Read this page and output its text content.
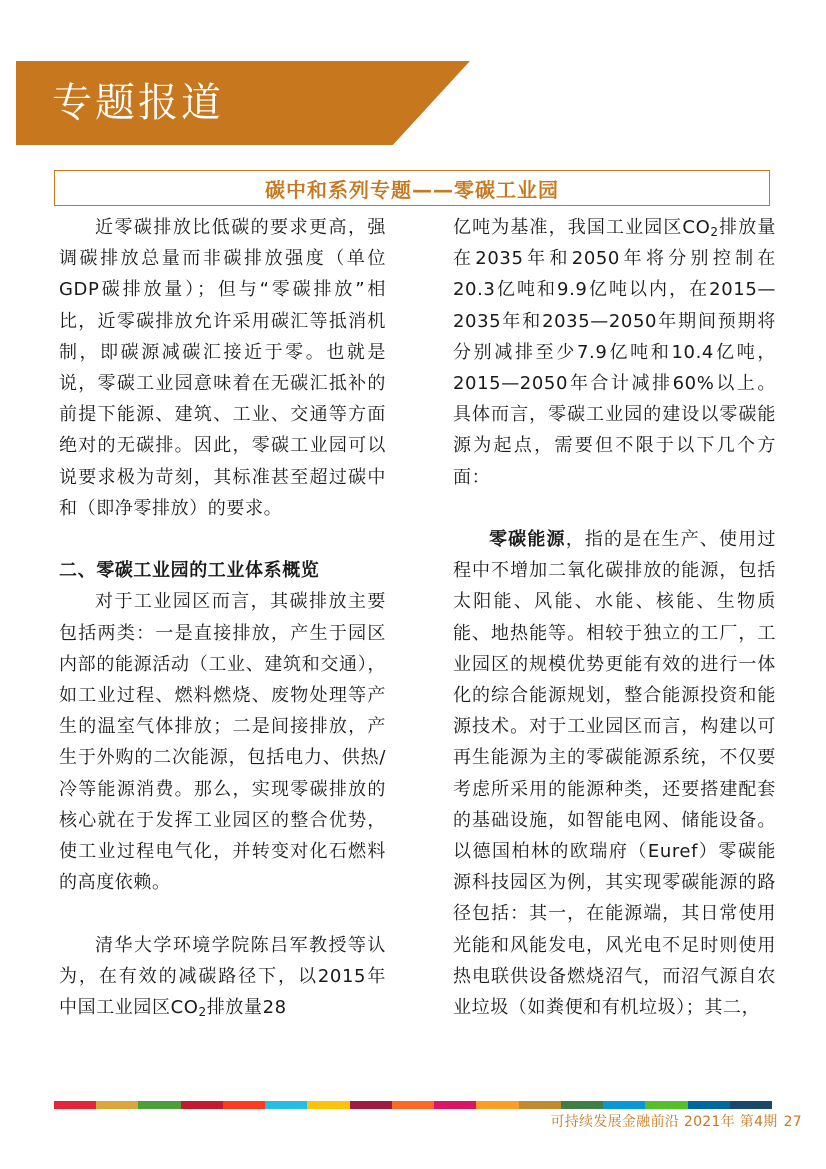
专题报道
碳中和系列专题——零碳工业园

近零碳排放比低碳的要求更高，强调碳排放总量而非碳排放强度（单位GDP碳排放量）；但与“零碳排放”相比，近零碳排放允许采用碳汇等抵消机制，即碳源减碳汇接近于零。也就是说，零碳工业园意味着在无碳汇抵补的前提下能源、建筑、工业、交通等方面绝对的无碳排。因此，零碳工业园可以说要求极为苛刻，其标准甚至超过碳中和（即净零排放）的要求。

二、零碳工业园的工业体系概览

对于工业园区而言，其碳排放主要包括两类：一是直接排放，产生于园区内部的能源活动（工业、建筑和交通），如工业过程、燃料燃烧、废物处理等产生的温室气体排放；二是间接排放，产生于外购的二次能源，包括电力、供热/冷等能源消费。那么，实现零碳排放的核心就在于发挥工业园区的整合优势，使工业过程电气化，并转变对化石燃料的高度依赖。

清华大学环境学院陈吕军教授等认为，在有效的减碳路径下，以2015年中国工业园区$CO_2$排放量28

亿吨为基准，我国工业园区$CO_2$排放量在2035年和2050年将分别控制在20.3亿吨和9.9亿吨以内，在2015—2035年和2035—2050年期间预期将分别减排至少7.9亿吨和10.4亿吨，2015—2050年合计减排60%以上。具体而言，零碳工业园的建设以零碳能源为起点，需要但不限于以下几个方面：

零碳能源，指的是在生产、使用过程中不增加二氧化碳排放的能源，包括太阳能、风能、水能、核能、生物质能、地热能等。相较于独立的工厂，工业园区的规模优势更能有效的进行一体化的综合能源规划，整合能源投资和能源技术。对于工业园区而言，构建以可再生能源为主的零碳能源系统，不仅要考虑所采用的能源种类，还要搭建配套的基础设施，如智能电网、储能设备。以德国柏林的欧瑞府（Euref）零碳能源科技园区为例，其实现零碳能源的路径包括：其一，在能源端，其日常使用光能和风能发电，风光电不足时则使用热电联供设备燃烧沼气，而沼气源自农业垃圾（如粪便和有机垃圾）；其二，

可持续发展金融前沿 2021年 第4期 27
